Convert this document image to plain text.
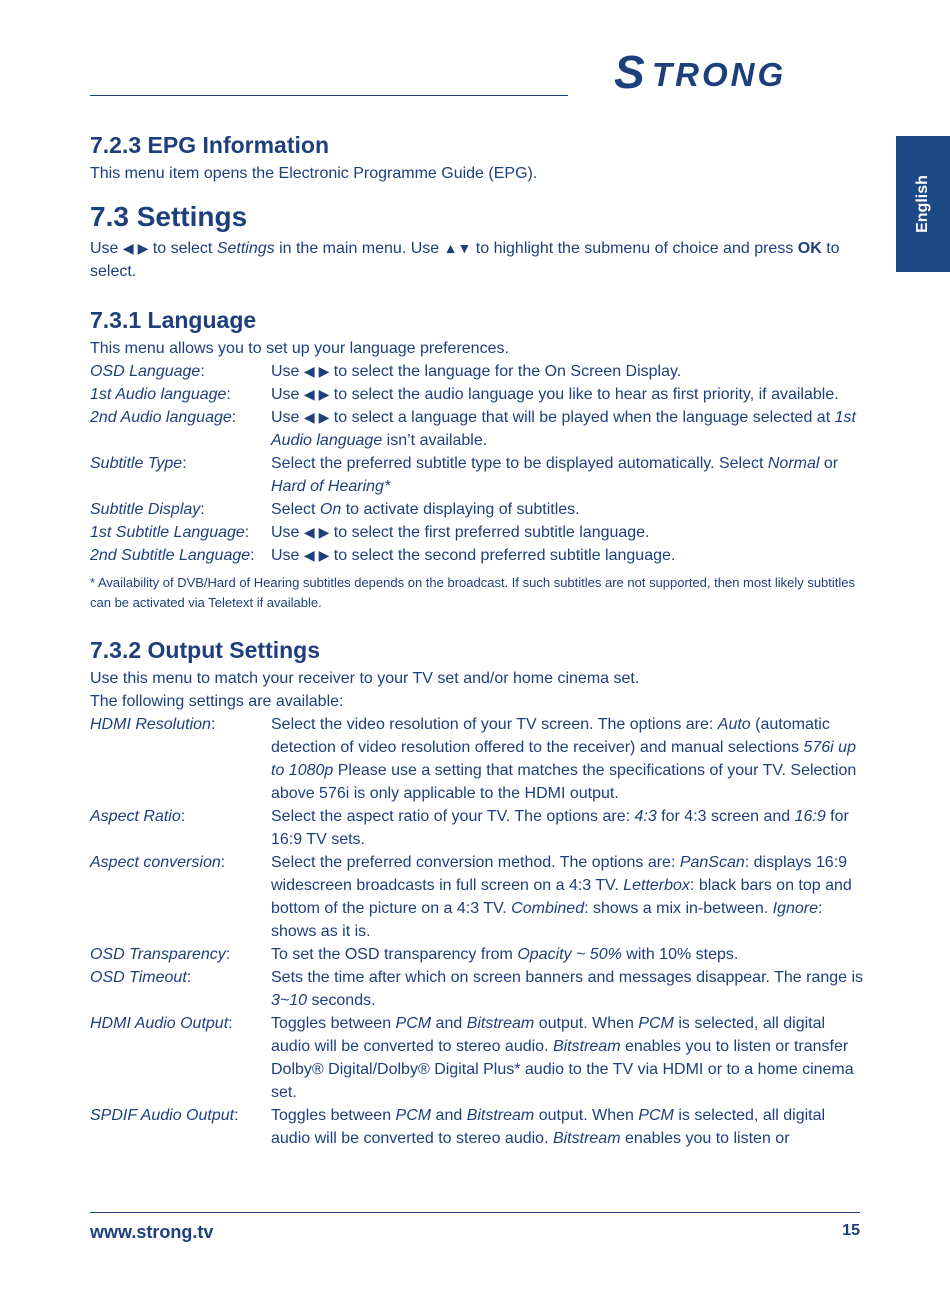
S TRONG
English
7.2.3 EPG Information

This menu item opens the Electronic Programme Guide (EPG).

7.3 Settings

Use ◀ ▶ to select Settings in the main menu. Use ▲▼ to highlight the submenu of choice and press OK to select.

7.3.1 Language

This menu allows you to set up your language preferences.

OSD Language:	Use ◀ ▶ to select the language for the On Screen Display.
1st Audio language:	Use ◀ ▶ to select the audio language you like to hear as first priority, if available.
2nd Audio language:	Use ◀ ▶ to select a language that will be played when the language selected at 1st Audio language isn’t available.
Subtitle Type:	Select the preferred subtitle type to be displayed automatically. Select Normal or Hard of Hearing*
Subtitle Display:	Select On to activate displaying of subtitles.
1st Subtitle Language:	Use ◀ ▶ to select the first preferred subtitle language.
2nd Subtitle Language:	Use ◀ ▶ to select the second preferred subtitle language.

* Availability of DVB/Hard of Hearing subtitles depends on the broadcast. If such subtitles are not supported, then most likely subtitles can be activated via Teletext if available.

7.3.2 Output Settings

Use this menu to match your receiver to your TV set and/or home cinema set.

The following settings are available:

HDMI Resolution:	Select the video resolution of your TV screen. The options are: Auto (automatic detection of video resolution offered to the receiver) and manual selections 576i up to 1080p Please use a setting that matches the specifications of your TV. Selection above 576i is only applicable to the HDMI output.
Aspect Ratio:	Select the aspect ratio of your TV. The options are: 4:3 for 4:3 screen and 16:9 for 16:9 TV sets.
Aspect conversion:	Select the preferred conversion method. The options are: PanScan: displays 16:9 widescreen broadcasts in full screen on a 4:3 TV. Letterbox: black bars on top and bottom of the picture on a 4:3 TV. Combined: shows a mix in-between. Ignore: shows as it is.
OSD Transparency:	To set the OSD transparency from Opacity ~ 50% with 10% steps.
OSD Timeout:	Sets the time after which on screen banners and messages disappear. The range is 3~10 seconds.
HDMI Audio Output:	Toggles between PCM and Bitstream output. When PCM is selected, all digital audio will be converted to stereo audio. Bitstream enables you to listen or transfer Dolby® Digital/Dolby® Digital Plus* audio to the TV via HDMI or to a home cinema set.
SPDIF Audio Output:	Toggles between PCM and Bitstream output. When PCM is selected, all digital audio will be converted to stereo audio. Bitstream enables you to listen or
www.strong.tv	15
